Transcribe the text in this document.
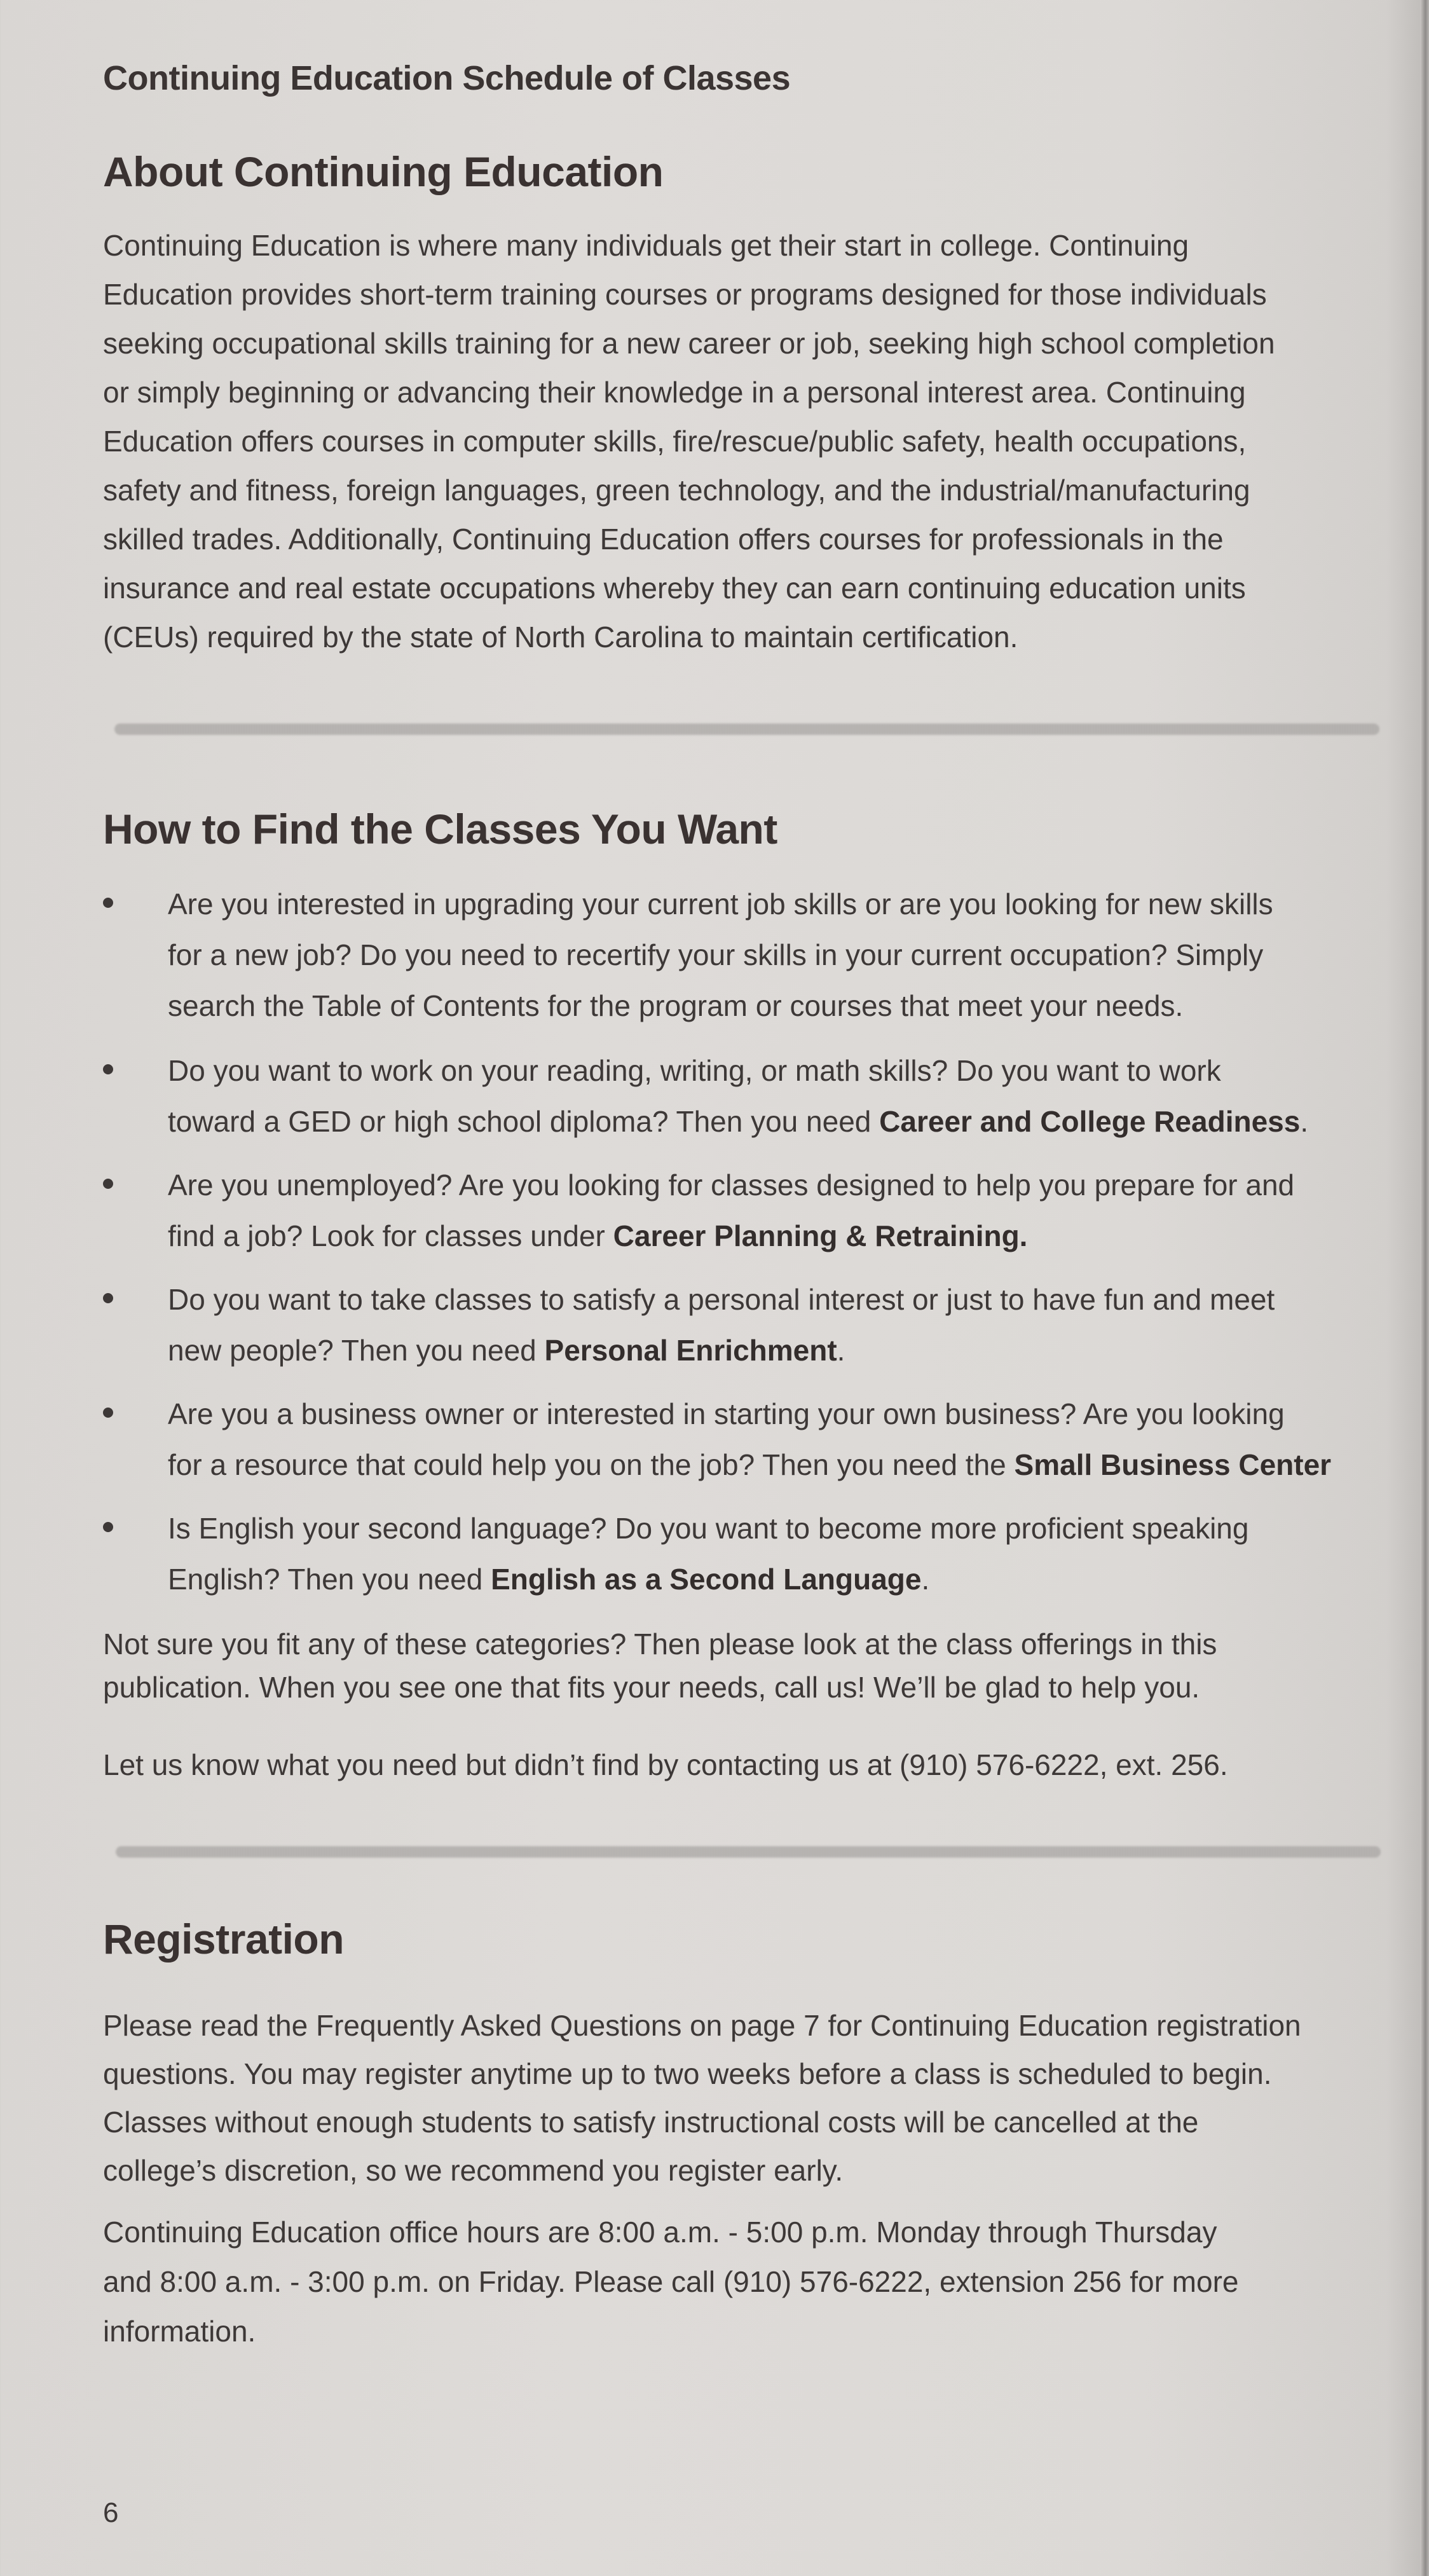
Continuing Education Schedule of Classes
About Continuing Education
Continuing Education is where many individuals get their start in college. Continuing
Education provides short-term training courses or programs designed for those individuals
seeking occupational skills training for a new career or job, seeking high school completion
or simply beginning or advancing their knowledge in a personal interest area. Continuing
Education offers courses in computer skills, fire/rescue/public safety, health occupations,
safety and fitness, foreign languages, green technology, and the industrial/manufacturing
skilled trades. Additionally, Continuing Education offers courses for professionals in the
insurance and real estate occupations whereby they can earn continuing education units
(CEUs) required by the state of North Carolina to maintain certification.
How to Find the Classes You Want
Are you interested in upgrading your current job skills or are you looking for new skills
for a new job? Do you need to recertify your skills in your current occupation? Simply
search the Table of Contents for the program or courses that meet your needs.
Do you want to work on your reading, writing, or math skills? Do you want to work
toward a GED or high school diploma? Then you need Career and College Readiness.
Are you unemployed? Are you looking for classes designed to help you prepare for and
find a job? Look for classes under Career Planning & Retraining.
Do you want to take classes to satisfy a personal interest or just to have fun and meet
new people? Then you need Personal Enrichment.
Are you a business owner or interested in starting your own business? Are you looking
for a resource that could help you on the job? Then you need the Small Business Center
Is English your second language? Do you want to become more proficient speaking
English? Then you need English as a Second Language.
Not sure you fit any of these categories? Then please look at the class offerings in this
publication. When you see one that fits your needs, call us! We’ll be glad to help you.
Let us know what you need but didn’t find by contacting us at (910) 576-6222, ext. 256.
Registration
Please read the Frequently Asked Questions on page 7 for Continuing Education registration
questions. You may register anytime up to two weeks before a class is scheduled to begin.
Classes without enough students to satisfy instructional costs will be cancelled at the
college’s discretion, so we recommend you register early.
Continuing Education office hours are 8:00 a.m. - 5:00 p.m. Monday through Thursday
and 8:00 a.m. - 3:00 p.m. on Friday. Please call (910) 576-6222, extension 256 for more
information.
6
